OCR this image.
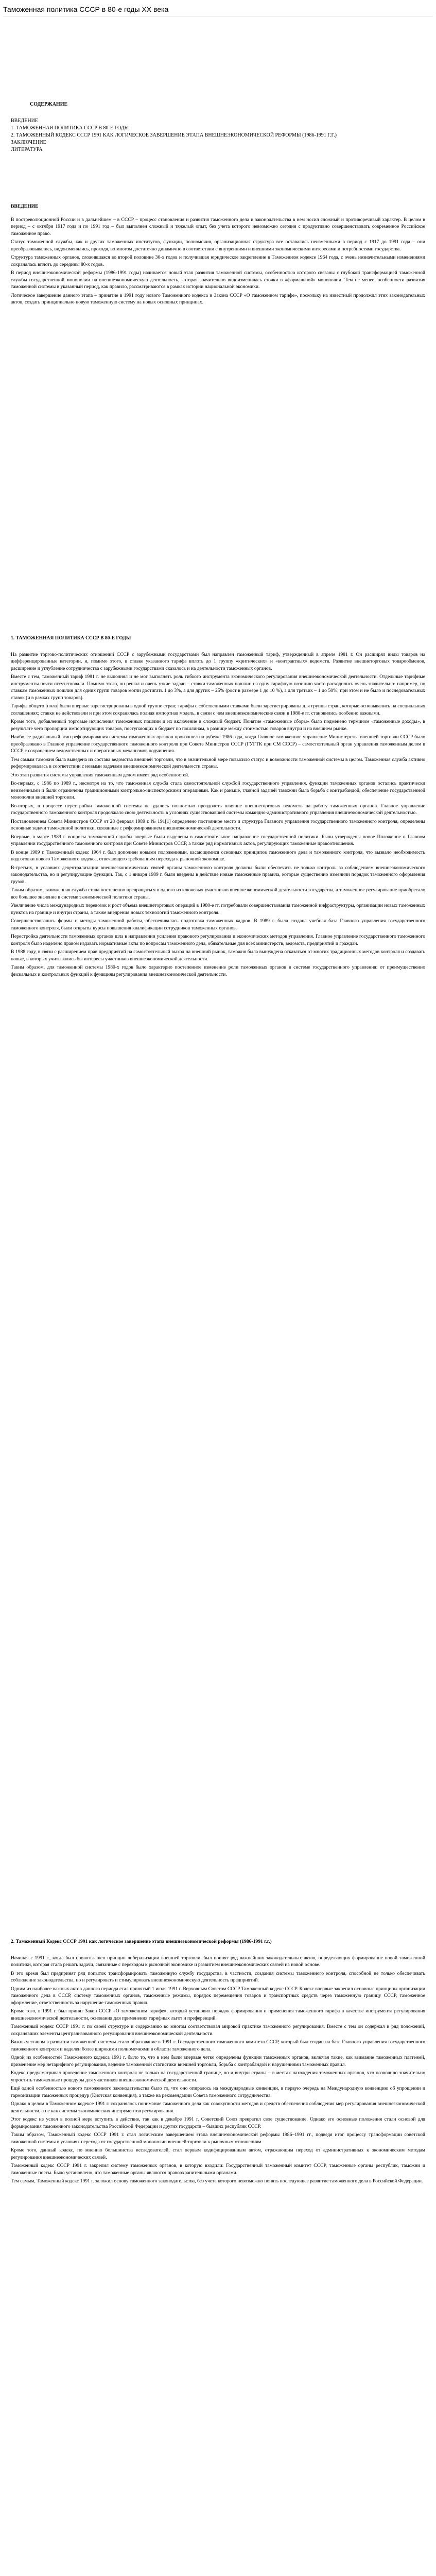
Таможенная политика СССР в 80-е годы ХХ века

СОДЕРЖАНИЕ

ВВЕДЕНИЕ

1. ТАМОЖЕННАЯ ПОЛИТИКА СССР В 80-Е ГОДЫ

2. ТАМОЖЕННЫЙ КОДЕКС СССР 1991 КАК ЛОГИЧЕСКОЕ ЗАВЕРШЕНИЕ ЭТАПА ВНЕШНЕЭКОНОМИЧЕСКОЙ РЕФОРМЫ (1986-1991 Г.Г.)

ЗАКЛЮЧЕНИЕ

ЛИТЕРАТУРА

ВВЕДЕНИЕ

В постреволюционной России и в дальнейшем – в СССР – процесс становления и развития таможенного дела и законодательства в нем носил сложный и противоречивый характер. В целом в период – с октября 1917 года и по 1991 год – был выполнен сложный и тяжелый опыт, без учета которого невозможно сегодня с продуктивно совершенствовать современное Российское таможенное право.

Статус таможенной службы, как и других таможенных институтов, функции, полномочия, организационная структура все оставались неизменными в период с 1917 до 1991 года – они преобразовывались, видоизменялись, проходя, во многом достаточно динамично в соответствии с внутренними и внешними экономическими интересами и потребностями государства.

Структура таможенных органов, сложившаяся во второй половине 30-х годов и получившая юридическое закрепление в Таможенном кодексе 1964 года, с очень незначительными изменениями сохранялась вплоть до середины 80-х годов.

В период внешнеэкономической реформы (1986-1991 годы) начинается новый этап развития таможенной системы, особенностью которого связаны с глубокой трансформацией таможенной службы государственной монополии на внешнеэкономическую деятельность, которая значительно видоизменилась сточки в «формальной» монополии. Тем не менее, особенности развития таможенной системы в указанный период, как правило, рассматриваются в рамках истории национальной экономики.

Логическое завершение данного этапа – принятие в 1991 году нового Таможенного кодекса и Закона СССР «О таможенном тарифе», поскольку на известный продолжил этих законодательных актов, создать принципиально новую таможенную систему на новых основных принципах.

1. ТАМОЖЕННАЯ ПОЛИТИКА СССР В 80-Е ГОДЫ

На развитие торгово-политических отношений СССР с зарубежными государствами был направлен таможенный тариф, утвержденный в апреле 1981 г. Он расширял виды товаров на дифференцированные категории, и, помимо этого, в ставке указанного тарифа вплоть до 1 группу «критических» и «контрактных» ведомств. Развитие внешнеторговых товарообменов, расширение и углубление сотрудничества с зарубежными государствами сказалось и на деятельности таможенных органов.

Вместе с тем, таможенный тариф 1981 г. не выполнял и не мог выполнять роль гибкого инструмента экономического регулирования внешнеэкономической деятельности. Отдельные тарифные инструменты почти отсутствовали. Помимо этого, он решал и очень узкие задачи – ставки таможенных пошлин на одну тарифную позицию часто расходились очень значительно: например, по ставкам таможенных пошлин для одних групп товаров могли достигать 1 до 3%, а для других – 25% (рост в размере 1 до 10 %), а для третьих – 1 до 50%; при этом и не было и последовательных ставок (и в рамках групп товаров).

Тарифы общего [пола] были впервые зарегистрированы в одной группе стран; тарифы с собственными ставками были зарегистрированы для группы стран, которые основывались на специальных соглашениях; ставки не действовали и при этом сохранялась полная импортная модель, в связи с чем внешнеэкономические связи в 1980-е гг. становились особенно важными.

Кроме того, добавленный торговые исчисления таможенных пошлин и их включение в сложный бюджет. Понятие «таможенные сборы» было подменено термином «таможенные доходы», в результате чего пропорции импортирующих товаров, поступающих в бюджет по пошлинам, в разнице между стоимостью товаров внутри и на внешнем рынке.

Наиболее радикальный этап реформирования системы таможенных органов произошел на рубеже 1986 года, когда Главное таможенное управление Министерства внешней торговли СССР было преобразовано в Главное управление государственного таможенного контроля при Совете Министров СССР (ГУГТК при СМ СССР) – самостоятельный орган управления таможенным делом в СССР с сохранением ведомственных и оперативных механизмов подчинения.

Тем самым таможня была выведена из состава ведомства внешней торговли, что в значительной мере повысило статус и возможности таможенной системы в целом. Таможенная служба активно реформировалась в соответствии с новыми задачами внешнеэкономической деятельности страны.

Это этап развития системы управления таможенным делом имеет ряд особенностей.

Во-первых, с 1986 по 1989 г., несмотря на то, что таможенная служба стала самостоятельной службой государственного управления, функции таможенных органов остались практически неизменными и были ограничены традиционными контрольно-инспекторскими операциями. Как и раньше, главной задачей таможни была борьба с контрабандой, обеспечение государственной монополии внешней торговли.

Во-вторых, в процессе перестройки таможенной системы не удалось полностью преодолеть влияние внешнеторговых ведомств на работу таможенных органов. Главное управление государственного таможенного контроля продолжало свою деятельность в условиях существовавшей системы командно-административного управления внешнеэкономической деятельностью.

Постановлением Совета Министров СССР от 28 февраля 1989 г. № 191[1] определено постоянное место и структура Главного управления государственного таможенного контроля, определены основные задачи таможенной политики, связанные с реформированием внешнеэкономической деятельности.

Впервые, в марте 1989 г. вопросы таможенной службы впервые были выделены в самостоятельное направление государственной политики. Были утверждены новое Положение о Главном управлении государственного таможенного контроля при Совете Министров СССР, а также ряд нормативных актов, регулирующих таможенные правоотношения.

В конце 1989 г. Таможенный кодекс 1964 г. был дополнен новыми положениями, касающимися основных принципов таможенного дела и таможенного контроля, что вызвало необходимость подготовки нового Таможенного кодекса, отвечающего требованиям перехода к рыночной экономике.

В-третьих, в условиях децентрализации внешнеэкономических связей органы таможенного контроля должны были обеспечить не только контроль за соблюдением внешнеэкономического законодательства, но и регулирующие функции. Так, с 1 января 1989 г. были введены в действие новые таможенные правила, которые существенно изменили порядок таможенного оформления грузов.

Таким образом, таможенная служба стала постепенно превращаться в одного из ключевых участников внешнеэкономической деятельности государства, а таможенное регулирование приобретало все большее значение в системе экономической политики страны.

Увеличение числа международных перевозок и рост объема внешнеторговых операций в 1980-е гг. потребовали совершенствования таможенной инфраструктуры, организации новых таможенных пунктов на границе и внутри страны, а также внедрения новых технологий таможенного контроля.

Совершенствовались формы и методы таможенной работы, обеспечивалась подготовка таможенных кадров. В 1989 г. была создана учебная база Главного управления государственного таможенного контроля, были открыты курсы повышения квалификации сотрудников таможенных органов.

Перестройка деятельности таможенных органов шла в направлении усиления правового регулирования и экономических методов управления. Главное управление государственного таможенного контроля было наделено правом издавать нормативные акты по вопросам таможенного дела, обязательные для всех министерств, ведомств, предприятий и граждан.

В 1988 году, в связи с расширением прав предприятий на самостоятельный выход на внешний рынок, таможня была вынуждена отказаться от многих традиционных методов контроля и создавать новые, в которых учитывались бы интересы участников внешнеэкономической деятельности.

Таким образом, для таможенной системы 1980-х годов было характерно постепенное изменение роли таможенных органов в системе государственного управления: от преимущественно фискальных и контрольных функций к функциям регулирования внешнеэкономической деятельности.

2. Таможенный Кодекс СССР 1991 как логическое завершение этапа внешнеэкономической реформы (1986-1991 г.г.)

Начиная с 1991 г., когда был провозглашен принцип либерализации внешней торговли, был принят ряд важнейших законодательных актов, определяющих формирование новой таможенной политики, которая стала решать задачи, связанные с переходом к рыночной экономике и развитием внешнеэкономических связей на новой основе.

В это время был предпринят ряд попыток трансформировать таможенную службу государства, в частности, создания системы таможенного контроля, способной не только обеспечивать соблюдение законодательства, но и регулировать и стимулировать внешнеэкономическую деятельность предприятий.

Одним из наиболее важных актов данного периода стал принятый 1 июля 1991 г. Верховным Советом СССР Таможенный кодекс СССР. Кодекс впервые закрепил основные принципы организации таможенного дела в СССР, систему таможенных органов, таможенные режимы, порядок перемещения товаров и транспортных средств через таможенную границу СССР, таможенное оформление, ответственность за нарушение таможенных правил.

Кроме того, в 1991 г. был принят Закон СССР «О таможенном тарифе», который установил порядок формирования и применения таможенного тарифа в качестве инструмента регулирования внешнеэкономической деятельности, основания для применения тарифных льгот и преференций.

Таможенный кодекс СССР 1991 г. по своей структуре и содержанию во многом соответствовал мировой практике таможенного регулирования. Вместе с тем он содержал и ряд положений, сохранявших элементы централизованного регулирования внешнеэкономической деятельности.

Важным этапом в развитии таможенной системы стало образование в 1991 г. Государственного таможенного комитета СССР, который был создан на базе Главного управления государственного таможенного контроля и наделен более широкими полномочиями в области таможенного дела.

Одной из особенностей Таможенного кодекса 1991 г. было то, что в нем были впервые четко определены функции таможенных органов, включая такие, как взимание таможенных платежей, применение мер нетарифного регулирования, ведение таможенной статистики внешней торговли, борьба с контрабандой и нарушениями таможенных правил.

Кодекс предусматривал проведение таможенного контроля не только на государственной границе, но и внутри страны – в местах нахождения таможенных органов, что позволило значительно упростить таможенные процедуры для участников внешнеэкономической деятельности.

Ещё одной особенностью нового таможенного законодательства было то, что оно опиралось на международные конвенции, в первую очередь на Международную конвенцию об упрощении и гармонизации таможенных процедур (Киотская конвенция), а также на рекомендации Совета таможенного сотрудничества.

Однако в целом в Таможенном кодексе 1991 г. сохранялось понимание таможенного дела как совокупности методов и средств обеспечения соблюдения мер регулирования внешнеэкономической деятельности, а не как системы экономических инструментов регулирования.

Этот кодекс не успел в полной мере вступить в действие, так как в декабре 1991 г. Советский Союз прекратил свое существование. Однако его основные положения стали основой для формирования таможенного законодательства Российской Федерации и других государств – бывших республик СССР.

Таким образом, Таможенный кодекс СССР 1991 г. стал логическим завершением этапа внешнеэкономической реформы 1986–1991 гг., подведя итог процессу трансформации советской таможенной системы в условиях перехода от государственной монополии внешней торговли к рыночным отношениям.

Кроме того, данный кодекс, по мнению большинства исследователей, стал первым кодифицированным актом, отражающим переход от административных к экономическим методам регулирования внешнеэкономических связей.

Таможенный кодекс СССР 1991 г. закрепил систему таможенных органов, в которую входили: Государственный таможенный комитет СССР, таможенные органы республик, таможни и таможенные посты. Было установлено, что таможенные органы являются правоохранительными органами.

Тем самым, Таможенный кодекс 1991 г. заложил основу таможенного законодательства, без учета которого невозможно понять последующее развитие таможенного дела в Российской Федерации.
